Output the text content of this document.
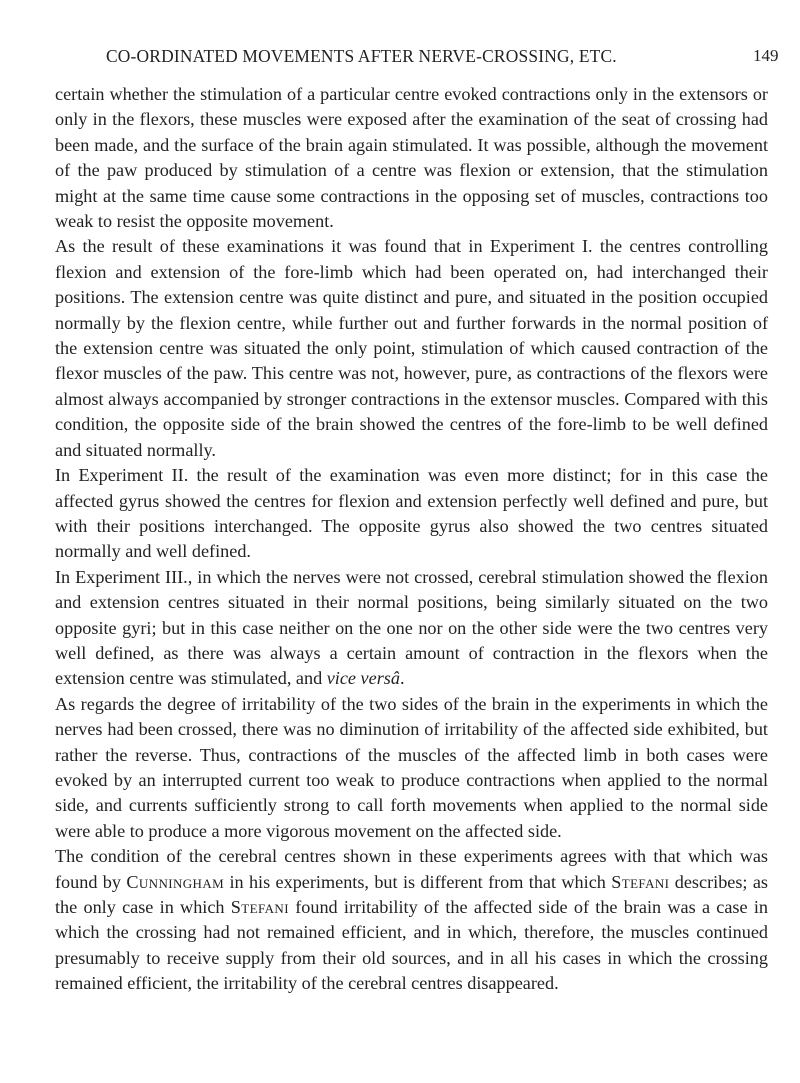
CO-ORDINATED MOVEMENTS AFTER NERVE-CROSSING, ETC.	149

certain whether the stimulation of a particular centre evoked contractions only in the extensors or only in the flexors, these muscles were exposed after the examination of the seat of crossing had been made, and the surface of the brain again stimulated. It was possible, although the movement of the paw produced by stimulation of a centre was flexion or extension, that the stimulation might at the same time cause some contractions in the opposing set of muscles, contractions too weak to resist the opposite movement.

As the result of these examinations it was found that in Experiment I. the centres controlling flexion and extension of the fore-limb which had been operated on, had interchanged their positions. The extension centre was quite distinct and pure, and situated in the position occupied normally by the flexion centre, while further out and further forwards in the normal position of the extension centre was situated the only point, stimulation of which caused contraction of the flexor muscles of the paw. This centre was not, however, pure, as contractions of the flexors were almost always accompanied by stronger contractions in the extensor muscles. Compared with this condition, the opposite side of the brain showed the centres of the fore-limb to be well defined and situated normally.

In Experiment II. the result of the examination was even more distinct; for in this case the affected gyrus showed the centres for flexion and extension perfectly well defined and pure, but with their positions interchanged. The opposite gyrus also showed the two centres situated normally and well defined.

In Experiment III., in which the nerves were not crossed, cerebral stimulation showed the flexion and extension centres situated in their normal positions, being similarly situated on the two opposite gyri; but in this case neither on the one nor on the other side were the two centres very well defined, as there was always a certain amount of contraction in the flexors when the extension centre was stimulated, and vice versâ.

As regards the degree of irritability of the two sides of the brain in the experiments in which the nerves had been crossed, there was no diminution of irritability of the affected side exhibited, but rather the reverse. Thus, contractions of the muscles of the affected limb in both cases were evoked by an interrupted current too weak to produce contractions when applied to the normal side, and currents sufficiently strong to call forth movements when applied to the normal side were able to produce a more vigorous movement on the affected side.

The condition of the cerebral centres shown in these experiments agrees with that which was found by Cunningham in his experiments, but is different from that which Stefani describes; as the only case in which Stefani found irritability of the affected side of the brain was a case in which the crossing had not remained efficient, and in which, therefore, the muscles continued presumably to receive supply from their old sources, and in all his cases in which the crossing remained efficient, the irritability of the cerebral centres disappeared.
